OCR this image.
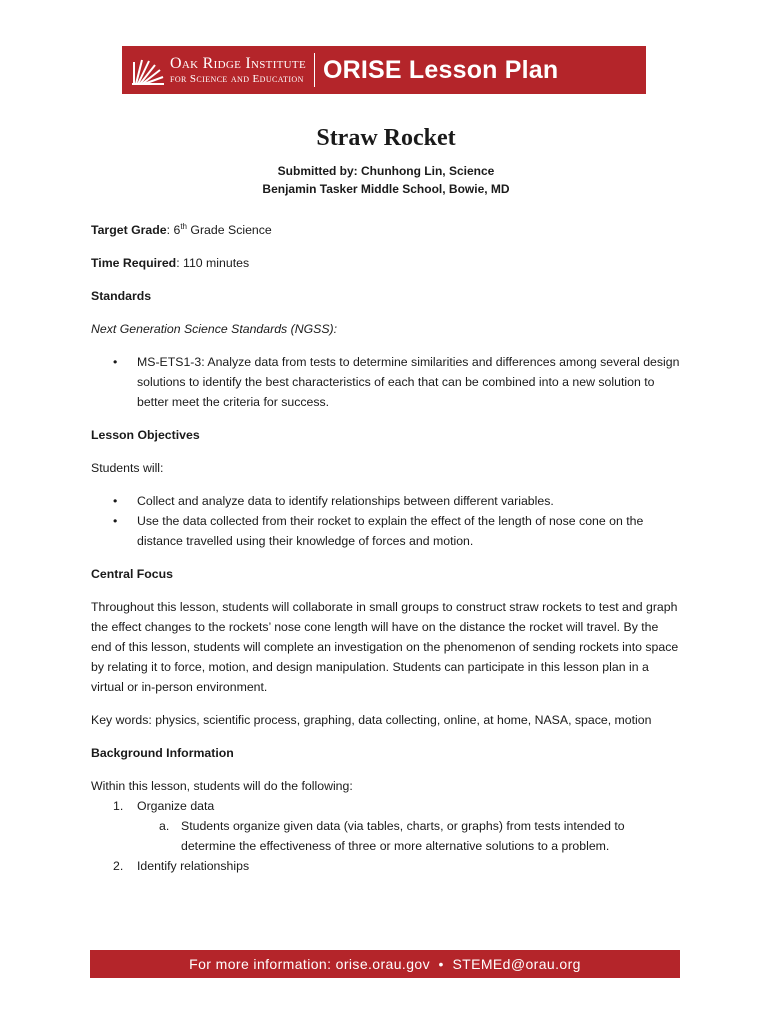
Oak Ridge Institute
for Science and Education ORISE Lesson Plan
Straw Rocket
Submitted by: Chunhong Lin, Science
Benjamin Tasker Middle School, Bowie, MD

Target Grade: 6th Grade Science

Time Required: 110 minutes

Standards

Next Generation Science Standards (NGSS):

• MS-ETS1-3: Analyze data from tests to determine similarities and differences among several design solutions to identify the best characteristics of each that can be combined into a new solution to better meet the criteria for success.

Lesson Objectives

Students will:

• Collect and analyze data to identify relationships between different variables.
• Use the data collected from their rocket to explain the effect of the length of nose cone on the distance travelled using their knowledge of forces and motion.

Central Focus

Throughout this lesson, students will collaborate in small groups to construct straw rockets to test and graph the effect changes to the rockets’ nose cone length will have on the distance the rocket will travel. By the end of this lesson, students will complete an investigation on the phenomenon of sending rockets into space by relating it to force, motion, and design manipulation. Students can participate in this lesson plan in a virtual or in-person environment.

Key words: physics, scientific process, graphing, data collecting, online, at home, NASA, space, motion

Background Information

Within this lesson, students will do the following:

1. Organize data
a. Students organize given data (via tables, charts, or graphs) from tests intended to determine the effectiveness of three or more alternative solutions to a problem.
2. Identify relationships
For more information: orise.orau.gov  •  STEMEd@orau.org
